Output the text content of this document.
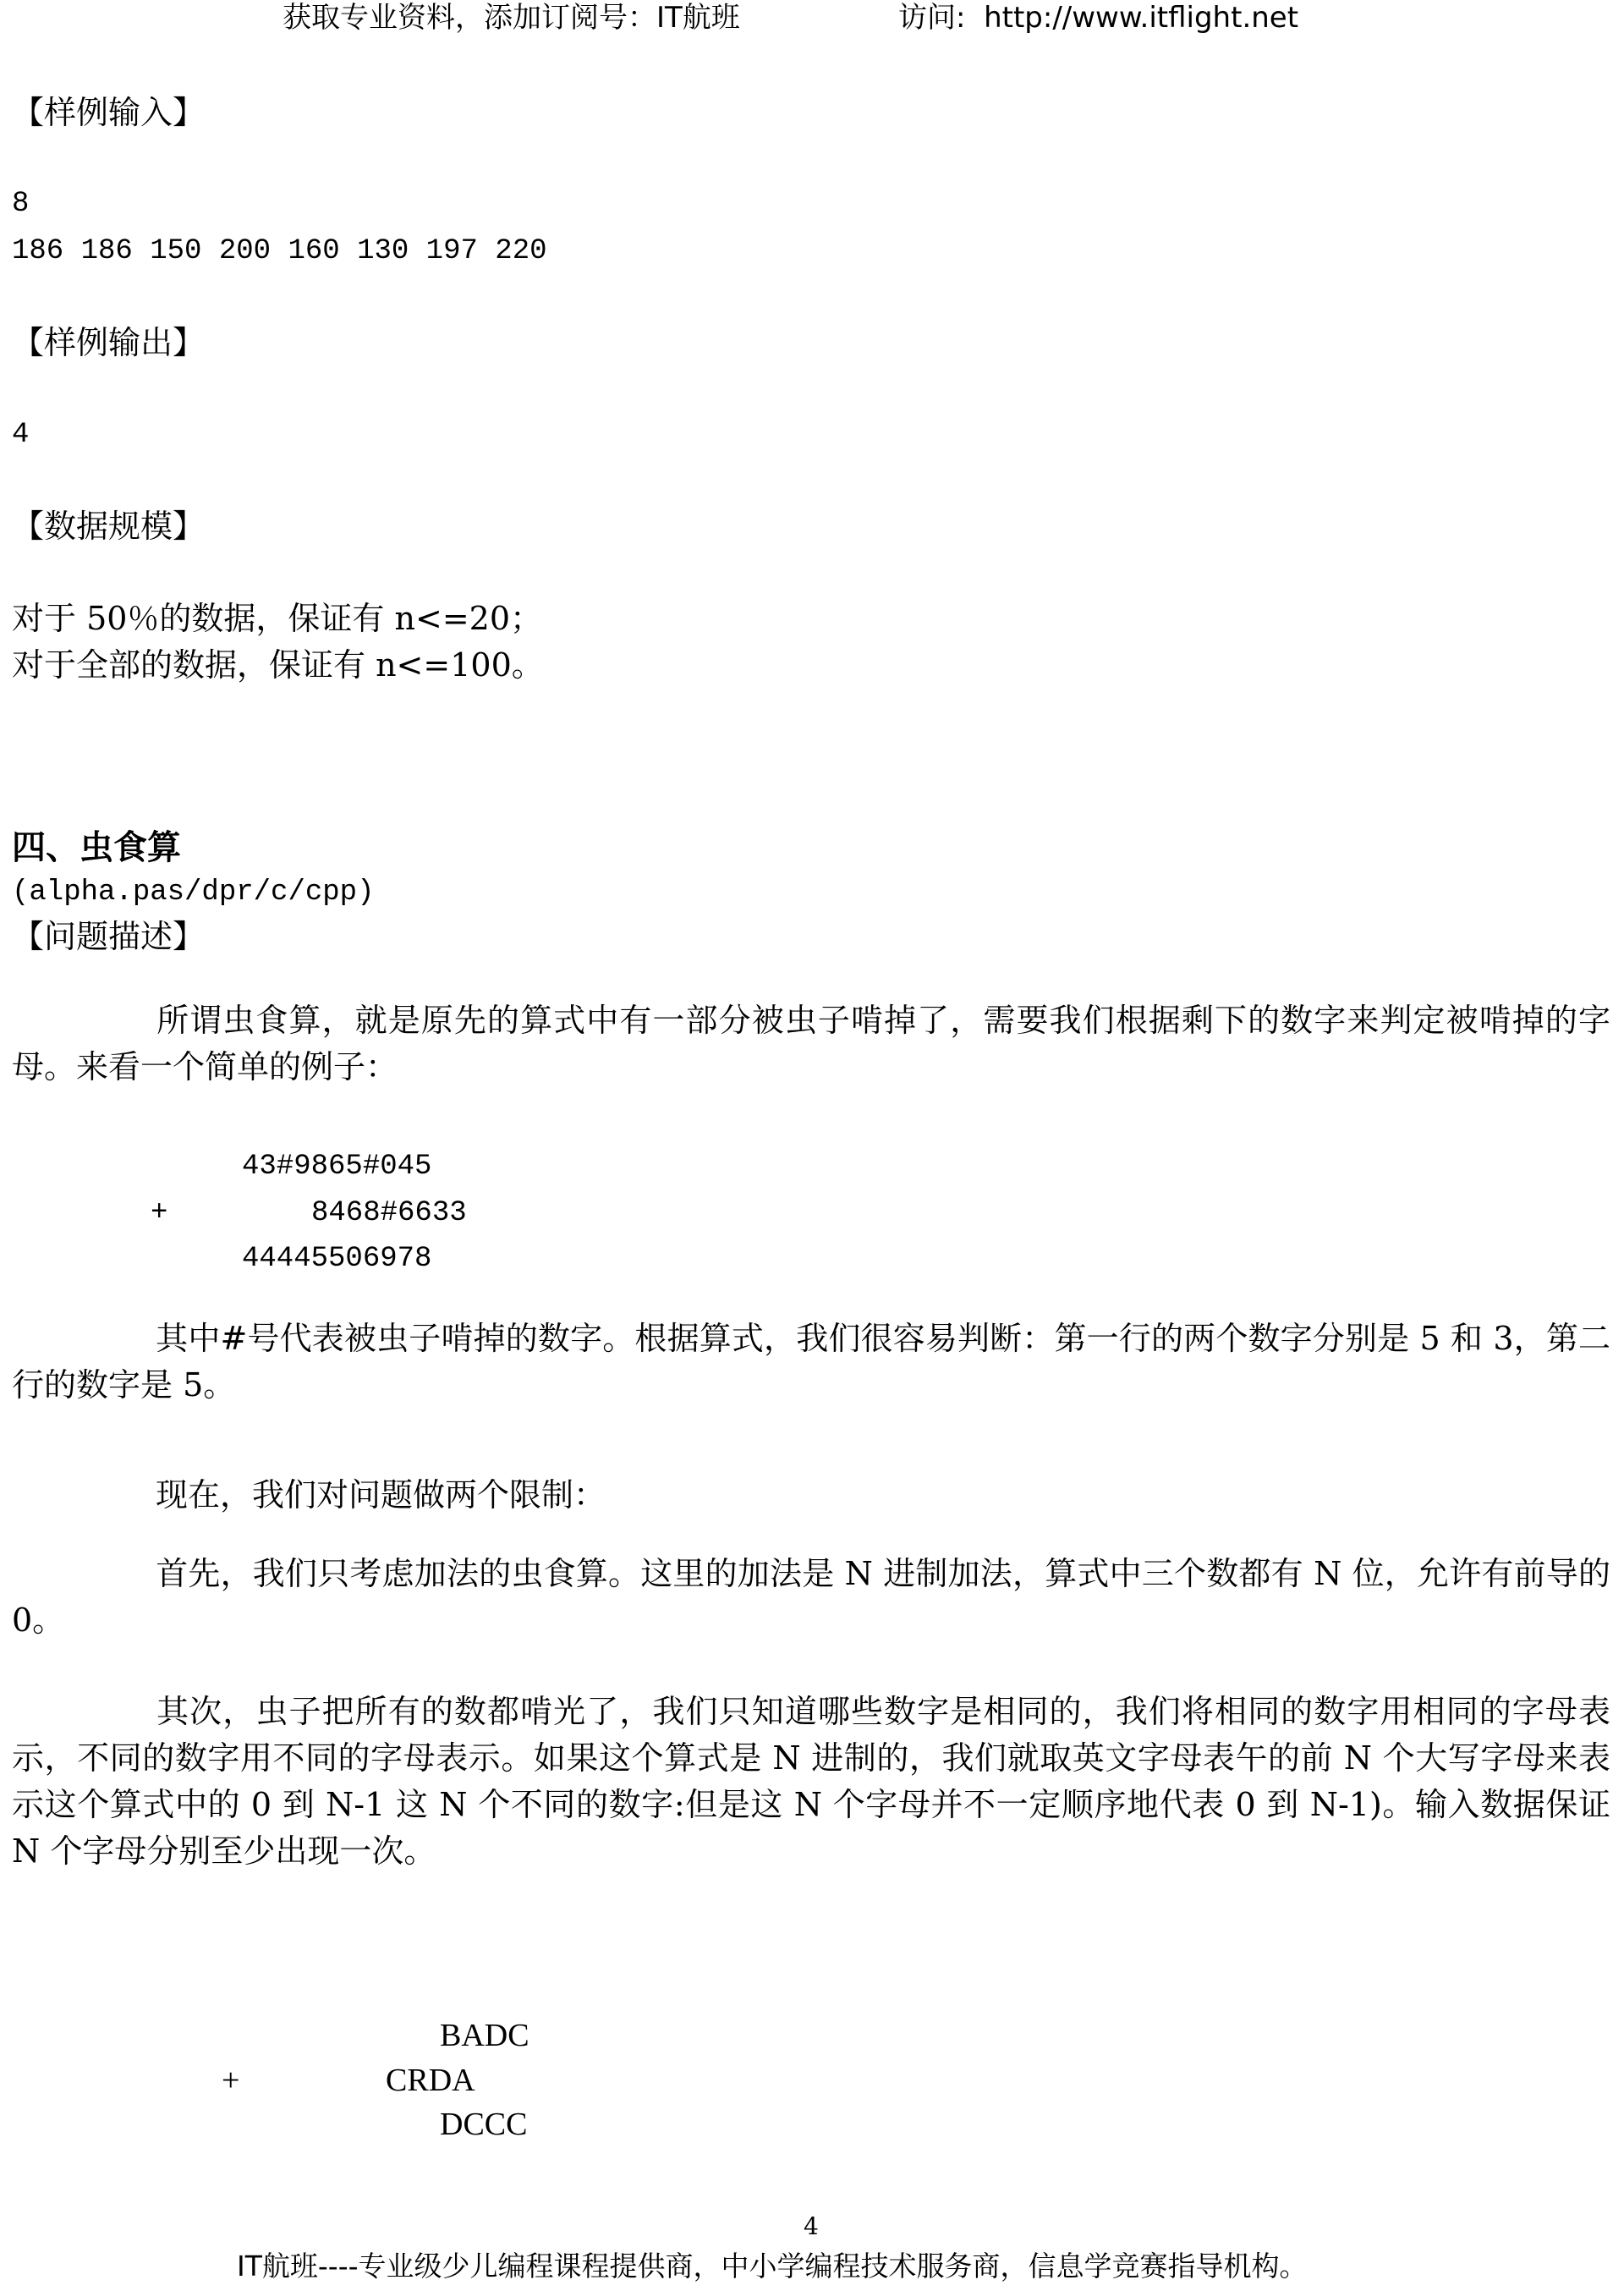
获取专业资料，添加订阅号：IT航班	访问:  http://www.itflight.net
【样例输入】
8
186 186 150 200 160 130 197 220
【样例输出】
4
【数据规模】
对于 50％的数据，保证有 n<=20；
对于全部的数据，保证有 n<=100。
四、虫食算
(alpha.pas/dpr/c/cpp)
【问题描述】
所谓虫食算，就是原先的算式中有一部分被虫子啃掉了，需要我们根据剩下的数字来判定被啃掉的字母。来看一个简单的例子：
43#9865#045
+	8468#6633
44445506978
其中#号代表被虫子啃掉的数字。根据算式，我们很容易判断：第一行的两个数字分别是 5 和 3，第二行的数字是 5。
现在，我们对问题做两个限制：
首先，我们只考虑加法的虫食算。这里的加法是 N 进制加法，算式中三个数都有 N 位，允许有前导的 0。
其次，虫子把所有的数都啃光了，我们只知道哪些数字是相同的，我们将相同的数字用相同的字母表示，不同的数字用不同的字母表示。如果这个算式是 N 进制的，我们就取英文字母表午的前 N 个大写字母来表示这个算式中的 0 到 N-1 这 N 个不同的数字:但是这 N 个字母并不一定顺序地代表 0 到 N-1)。输入数据保证 N 个字母分别至少出现一次。
BADC
+	CRDA
DCCC
4
IT航班----专业级少儿编程课程提供商，中小学编程技术服务商，信息学竞赛指导机构。
